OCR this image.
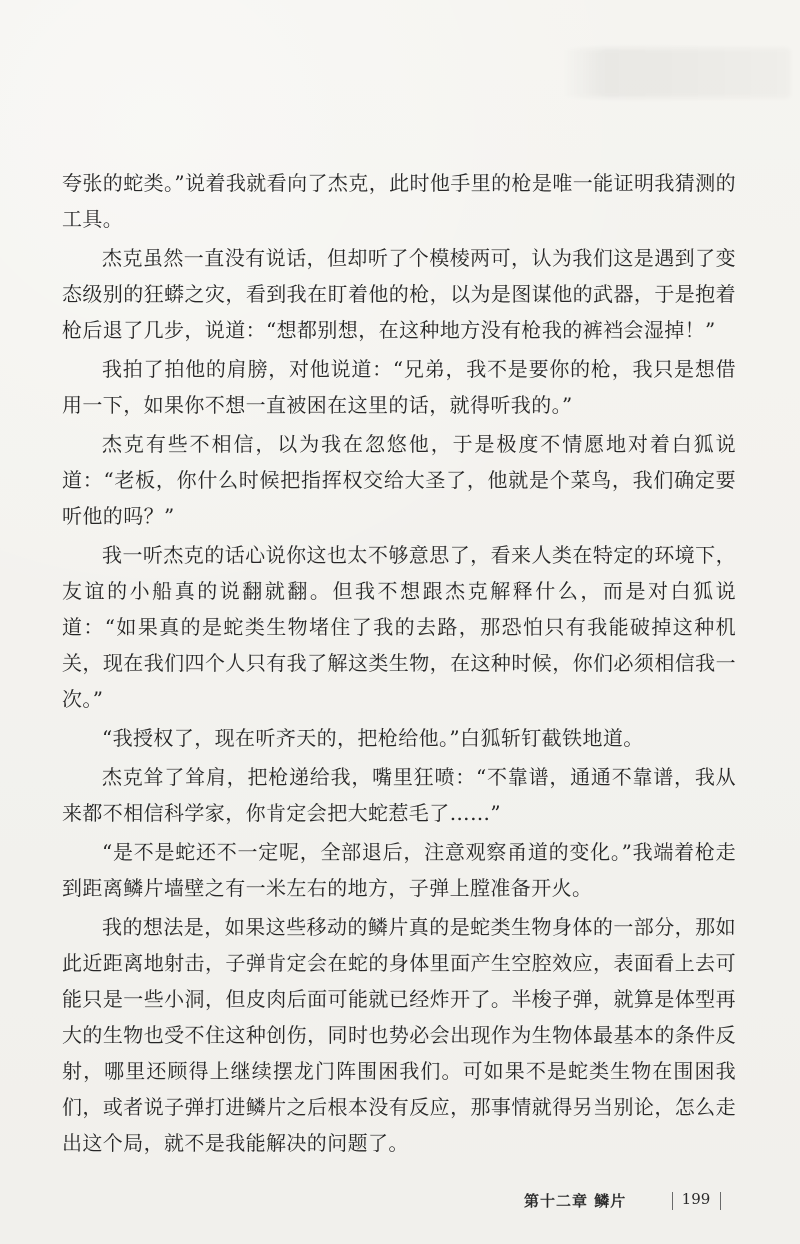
夸张的蛇类。”说着我就看向了杰克，此时他手里的枪是唯一能证明我猜测的工具。

杰克虽然一直没有说话，但却听了个模棱两可，认为我们这是遇到了变态级别的狂蟒之灾，看到我在盯着他的枪，以为是图谋他的武器，于是抱着枪后退了几步，说道：“想都别想，在这种地方没有枪我的裤裆会湿掉！”

我拍了拍他的肩膀，对他说道：“兄弟，我不是要你的枪，我只是想借用一下，如果你不想一直被困在这里的话，就得听我的。”

杰克有些不相信，以为我在忽悠他，于是极度不情愿地对着白狐说道：“老板，你什么时候把指挥权交给大圣了，他就是个菜鸟，我们确定要听他的吗？”

我一听杰克的话心说你这也太不够意思了，看来人类在特定的环境下，友谊的小船真的说翻就翻。但我不想跟杰克解释什么，而是对白狐说道：“如果真的是蛇类生物堵住了我的去路，那恐怕只有我能破掉这种机关，现在我们四个人只有我了解这类生物，在这种时候，你们必须相信我一次。”

“我授权了，现在听齐天的，把枪给他。”白狐斩钉截铁地道。

杰克耸了耸肩，把枪递给我，嘴里狂喷：“不靠谱，通通不靠谱，我从来都不相信科学家，你肯定会把大蛇惹毛了……”

“是不是蛇还不一定呢，全部退后，注意观察甬道的变化。”我端着枪走到距离鳞片墙壁之有一米左右的地方，子弹上膛准备开火。

我的想法是，如果这些移动的鳞片真的是蛇类生物身体的一部分，那如此近距离地射击，子弹肯定会在蛇的身体里面产生空腔效应，表面看上去可能只是一些小洞，但皮肉后面可能就已经炸开了。半梭子弹，就算是体型再大的生物也受不住这种创伤，同时也势必会出现作为生物体最基本的条件反射，哪里还顾得上继续摆龙门阵围困我们。可如果不是蛇类生物在围困我们，或者说子弹打进鳞片之后根本没有反应，那事情就得另当别论，怎么走出这个局，就不是我能解决的问题了。

第十二章 鳞片	199
